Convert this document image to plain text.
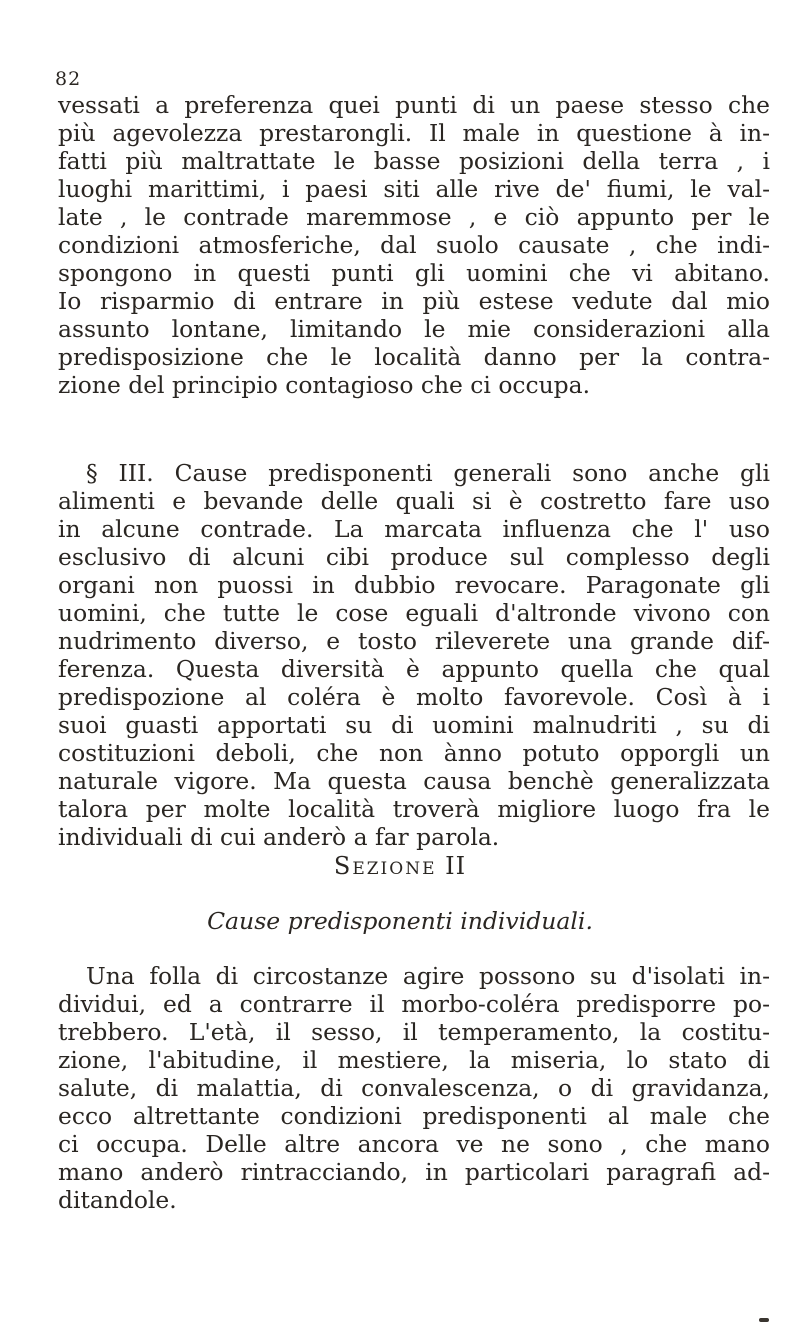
82
vessati a preferenza quei punti di un paese stesso che
più agevolezza prestarongli. Il male in questione à in-
fatti più maltrattate le basse posizioni della terra , i
luoghi marittimi, i paesi siti alle rive de' fiumi, le val-
late , le contrade maremmose , e ciò appunto per le
condizioni atmosferiche, dal suolo causate , che indi-
spongono in questi punti gli uomini che vi abitano.
Io risparmio di entrare in più estese vedute dal mio
assunto lontane, limitando le mie considerazioni alla
predisposizione che le località danno per la contra-
zione del principio contagioso che ci occupa.
§ III. Cause predisponenti generali sono anche gli
alimenti e bevande delle quali si è costretto fare uso
in alcune contrade. La marcata influenza che l' uso
esclusivo di alcuni cibi produce sul complesso degli
organi non puossi in dubbio revocare. Paragonate gli
uomini, che tutte le cose eguali d'altronde vivono con
nudrimento diverso, e tosto rileverete una grande dif-
ferenza. Questa diversità è appunto quella che qual
predispozione al coléra è molto favorevole. Così à i
suoi guasti apportati su di uomini malnudriti , su di
costituzioni deboli, che non ànno potuto opporgli un
naturale vigore. Ma questa causa benchè generalizzata
talora per molte località troverà migliore luogo fra le
individuali di cui anderò a far parola.
Sezione II
Cause predisponenti individuali.
Una folla di circostanze agire possono su d'isolati in-
dividui, ed a contrarre il morbo-coléra predisporre po-
trebbero. L'età, il sesso, il temperamento, la costitu-
zione, l'abitudine, il mestiere, la miseria, lo stato di
salute, di malattia, di convalescenza, o di gravidanza,
ecco altrettante condizioni predisponenti al male che
ci occupa. Delle altre ancora ve ne sono , che mano
mano anderò rintracciando, in particolari paragrafi ad-
ditandole.
